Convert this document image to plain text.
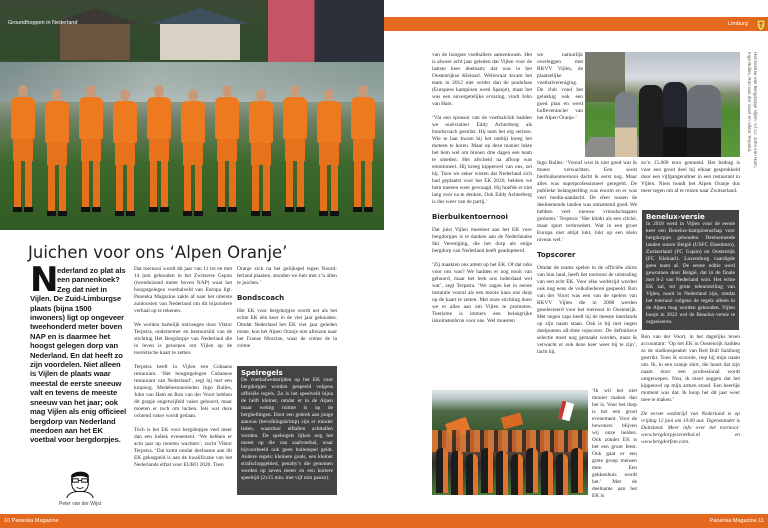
Groundhoppen in Nederland	Limburg
Juichen voor ons ‘Alpen Oranje’
N
ederland zo plat als een pannenkoek? Zeg dat niet in Vijlen. De Zuid-Limburgse plaats (bijna 1500 inwoners) ligt op ongeveer tweehonderd meter boven NAP en is daarmee het hoogst gelegen dorp van Nederland. En dat heeft zo zijn voordelen. Niet alleen is Vijlen de plaats waar meestal de eerste sneeuw valt en tevens de meeste sneeuw van het jaar; ook mag Vijlen als enig officieel bergdorp van Nederland meedoen aan het EK voetbal voor bergdorpjes.
Peter van der Wijst

Dat toernooi wordt dit jaar van 11 tot en met 14 juni gehouden in het Zwitserse Gspon (tweeduizend meter boven NAP) waar het hoogstgelegen voetbalveld van Europa ligt. Panenka Magazine zakte af naar het uiterste zuidoosten van Nederland om dit bijzondere verhaal op te tekenen.

We worden hartelijk ontvangen door Viktor Terpstra, ondernemer en bestuurslid van de stichting Het Bergdorpje van Nederland die in leven is geroepen om Vijlen op de toeristische kaart te zetten.

Terpstra heeft in Vijlen een Cubaans restaurant. ‘Het hoogstgelegen Cubaanse restaurant van Nederland’, zegt hij met een knipoog. Medebestuursleden Ingo Bulles, John van Ham en Ron van der Voort hebben dit grapje ongetwijfeld vaker gehoord, maar moeten er toch om lachen. Iets wat deze ochtend vaker wordt gedaan.

Toch is het EK voor bergdorpjes veel meer dan een ludiek evenement. ‘We hebben er acht jaar op moeten wachten’, zucht Viktor Terpstra. ‘Dat komt omdat deelname aan dit EK gekoppeld is aan de kwalificatie van het Nederlands elftal voor EURO 2020. Toen

Oranje zich na het gelijkspel tegen Noord-Ierland plaatste, stonden we hier met z’n allen te juichen.’

Bondscoach

Het EK voor bergdorpjes wordt net als het echte EK één keer in de vier jaar gehouden. Omdat Nederland het EK vier jaar geleden miste, kon het Alpen Oranje niet afreizen naar het Franse Morzine, waar de crème de la crème

Spelregels
De voetbalwedstrijden op het EK voor bergdorpjes worden gespeeld volgens officiële regels. Zo is het speelveld bijna de helft kleiner, omdat er in de Alpen maar weinig ruimte is op de berghellingen. Door een gebrek aan jonge aanwas (bevolkingskrimp) zijn er minder leden, waardoor elftallen achttallen worden. De spelregels lijken nog het meest op die van zaalvoetbal, waar bijvoorbeeld ook geen buitenspel geldt. Andere regels: kleinere goals, een kleiner strafschopgebied, penalty’s die genomen worden op zeven meter en een kortere speeltijd (2x15 min. met vijf min pauze).

van de hoogste voetballers samenkwam. Het is alweer acht jaar geleden dat Vijlen voor de laatste keer deelnam; dat was in het Oostenrijkse Kleinarl. Weliswaar kwam het team in 2012 niet verder dan de poulefase (Europees kampioen werd Spanje), maar het was een onvergetelijke ervaring, vindt John van Ham.

‘Via een sponsor van de voetbalclub hadden we oud-trainer Eddy Achterberg als bondscoach gestrikt. Hij nam het erg serieus. Wie te laat kwam bij het ontbijt kreeg het meteen te horen. Maar op deze manier lukte het hem wel om binnen drie dagen een team te smeden. Het afscheid na afloop was emotioneel. Hij kreeg kippenvel van ons, zei hij. Toen we zeker wisten dat Nederland zich had geplaatst voor het EK 2020, hebben we hem meteen weer gevraagd. Hij hoefde er niet lang over na te denken. Ook Eddy Achterberg is dus weer van de partij.’

Bierbuikentoernooi

Dat juist Vijlen meedoet aan het EK voor bergdorpjes is te danken aan de Nederlandse Ski Vereniging, die het dorp als enige bergdorp van Nederland heeft geadopteerd.

‘Zij maakten ons attent op het EK. Of dat niks voor ons was? We hadden er nog nooit van gehoord, maar het leek ons inderdaad wel wat’, zegt Terpstra. ‘We zagen het in eerste instantie vooral als een mooie kans ons dorp op de kaart te zetten. Met onze stichting doen we er alles aan om Vijlen te promoten. Toerisme is immers een belangrijke inkomstenbron voor ons. Wel moesten

we natuurlijk overleggen met RKVV Vijlen, de plaatselijke voetbalvereniging. De club vond het gelukkig ook een goed plan en werd hofleverancier van het Alpen Oranje.’

Ingo Bulles: ‘Vooraf wist ik niet goed wat ik moest verwachten. Een soort bierbuikentoernooi dacht ik eerst nog. Maar alles was superprofessioneel geregeld. De publieke belangstelling was enorm en er was veel media-aandacht. De sfeer tussen de deelnemende landen was ontzettend goed. We hebben veel nieuwe vriendschappen gesloten.’ Terpstra: ‘Het klinkt als een cliché, maar sport verbroedert. Wat in een groot Europa niet altijd lukt, lukt op een klein niveau wel.’

Topscorer

Omdat de teams spelen in de officiële shirts van hun land, heeft het toernooi de uitstraling van een echt EK. Voor elke wedstrijd worden ook nog eens de volksliederen gespeeld. Ron van der Voort was een van de spelers van RKVV Vijlen die in 2008 werden geselecteerd voor het toernooi in Oostenrijk. Met negen caps heeft hij de meeste interlands op zijn naam staan. Ook is hij met negen doelpunten all-time topscorer. De definitieve selectie moet nog gemaakt worden, maar ik verwacht er ook deze keer weer bij te zijn’, lacht hij.

‘Ik wil het niet mooier maken dan het is. Voor het dorp is het een groot evenement. Voor de bewoners blijven wij onze helden. Ook zonder EK is het een groot feest. Ook gaat er een grote groep mensen mee. Een gekkenhuis wordt het.’ Met de deelname aan het EK is

Het bestuur van Bergdorpje Vijlen. V.l.n.r. John van Ham, Ingo Bulles, Ron van der Voort en Viktor Terpstra.

zo’n 15.000 euro gemoeid. Het bedrag is voor een groot deel bij elkaar gesprokkeld door een vijfgangendiner in een restaurant in Vijlen. Niets houdt het Alpen Oranje dus meer tegen om af te reizen naar Zwitserland.

Benelux-versie
In 2018 werd in Vijlen voor de eerste keer een Benelux-kampioenschap voor bergdorpjes gehouden. Deelnemende landen waren België (USFC Elsenborn), Zwitserland (FC Gspon) en Oostenrijk (FC Kleinarl). Luxemburg vaardigde geen team af. De eerste editie werd gewonnen door België, dat in de finale met 8-2 van Nederland won. Het echte EK zal, tot grote teleurstelling van Vijlen, nooit in Nederland zijn, omdat het toernooi volgens de regels alleen in de Alpen mag worden gehouden. Vijlen hoopt in 2022 wel de Benelux-versie te organiseren.

Ron van der Voort, in het dagelijks leven accountant: ‘Op het EK in Oostenrijk hadden ze de stadionspeaker van Red Bull Salzburg gestrikt. Toen ik scoorde, riep hij mijn naam om. Ik, in een oranje shirt, die hoort dat zijn naam door een professional wordt omgeroepen. Nou, ik moet zeggen dat het kippenvel op mijn armen stond. Een heerlijk moment was dat. Ik hoop het dit jaar weer mee te maken.’

De eerste wedstrijd van Nederland is op vrijdag 12 juni om 10.00 uur. Tegenstander is Duitsland. Meer info over het toernooi: www.bergdorpjesvoetbal.nl en www.bergdorfem.com.

10 Panenka Magazine	Panenka Magazine 11
